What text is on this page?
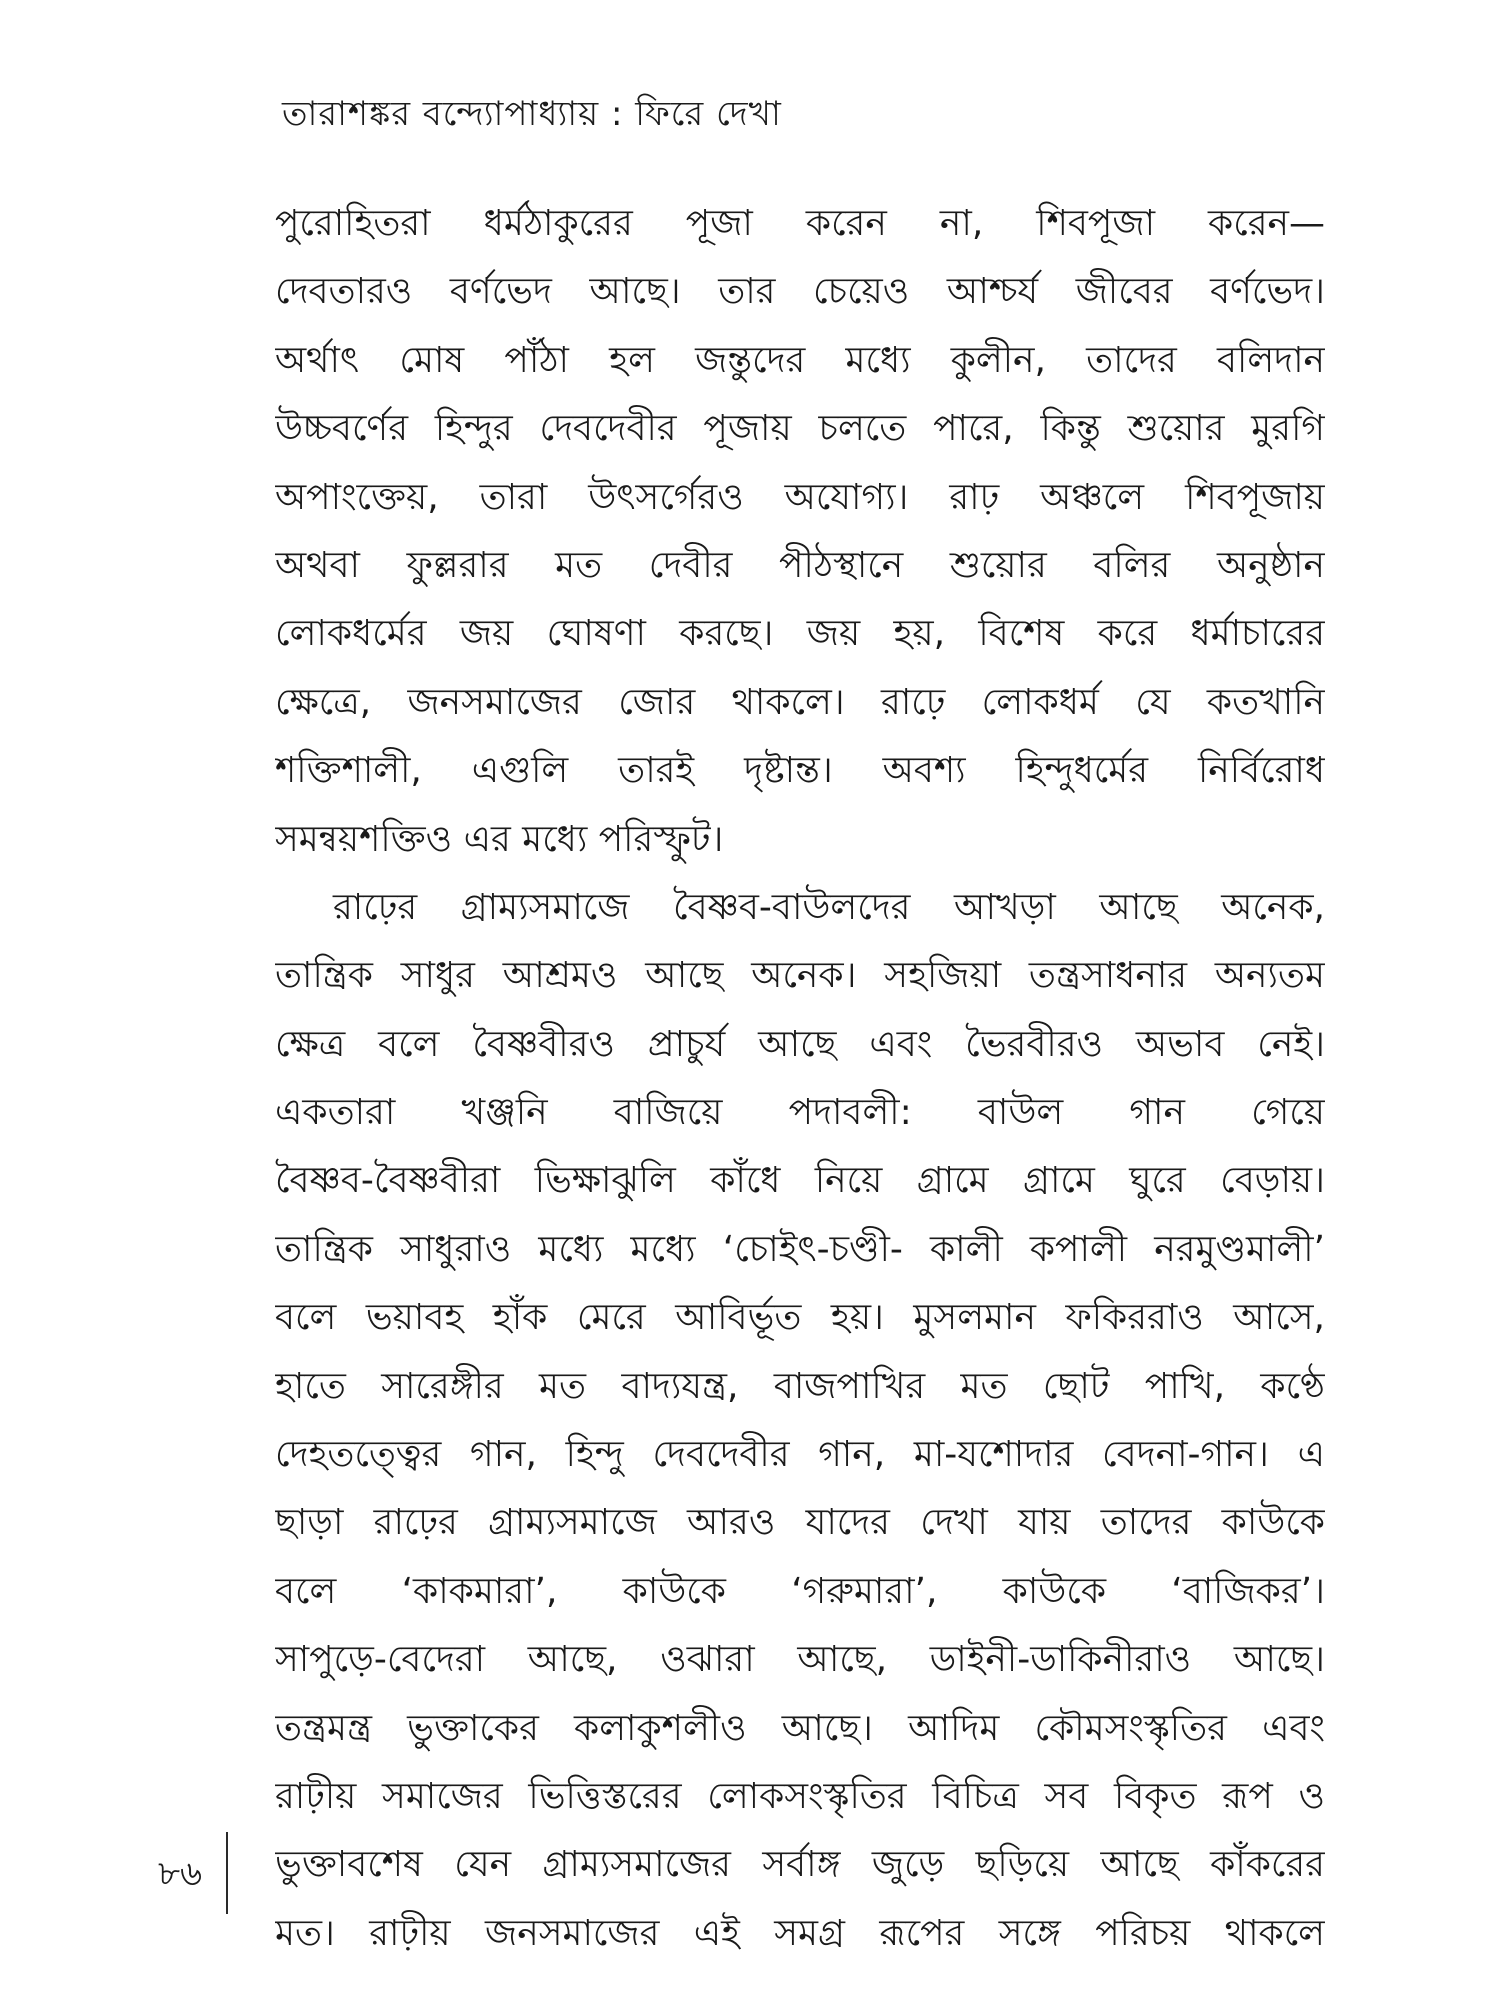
তারাশঙ্কর বন্দ্যোপাধ্যায় : ফিরে দেখা
পুরোহিতরা ধর্মঠাকুরের পূজা করেন না, শিবপূজা করেন—
দেবতারও বর্ণভেদ আছে। তার চেয়েও আশ্চর্য জীবের বর্ণভেদ।
অর্থাৎ মোষ পাঁঠা হল জন্তুদের মধ্যে কুলীন, তাদের বলিদান
উচ্চবর্ণের হিন্দুর দেবদেবীর পূজায় চলতে পারে, কিন্তু শুয়োর মুরগি
অপাংক্তেয়, তারা উৎসর্গেরও অযোগ্য। রাঢ় অঞ্চলে শিবপূজায়
অথবা ফুল্লরার মত দেবীর পীঠস্থানে শুয়োর বলির অনুষ্ঠান
লোকধর্মের জয় ঘোষণা করছে। জয় হয়, বিশেষ করে ধর্মাচারের
ক্ষেত্রে, জনসমাজের জোর থাকলে। রাঢ়ে লোকধর্ম যে কতখানি
শক্তিশালী, এগুলি তারই দৃষ্টান্ত। অবশ্য হিন্দুধর্মের নির্বিরোধ
সমন্বয়শক্তিও এর মধ্যে পরিস্ফুট।
রাঢ়ের গ্রাম্যসমাজে বৈষ্ণব-বাউলদের আখড়া আছে অনেক,
তান্ত্রিক সাধুর আশ্রমও আছে অনেক। সহজিয়া তন্ত্রসাধনার অন্যতম
ক্ষেত্র বলে বৈষ্ণবীরও প্রাচুর্য আছে এবং ভৈরবীরও অভাব নেই।
একতারা খঞ্জনি বাজিয়ে পদাবলী: বাউল গান গেয়ে
বৈষ্ণব-বৈষ্ণবীরা ভিক্ষাঝুলি কাঁধে নিয়ে গ্রামে গ্রামে ঘুরে বেড়ায়।
তান্ত্রিক সাধুরাও মধ্যে মধ্যে ‘চোইৎ-চণ্ডী- কালী কপালী নরমুণ্ডমালী’
বলে ভয়াবহ হাঁক মেরে আবির্ভূত হয়। মুসলমান ফকিররাও আসে,
হাতে সারেঙ্গীর মত বাদ্যযন্ত্র, বাজপাখির মত ছোট পাখি, কণ্ঠে
দেহতত্ত্বের গান, হিন্দু দেবদেবীর গান, মা-যশোদার বেদনা-গান। এ
ছাড়া রাঢ়ের গ্রাম্যসমাজে আরও যাদের দেখা যায় তাদের কাউকে
বলে ‘কাকমারা’, কাউকে ‘গরুমারা’, কাউকে ‘বাজিকর’।
সাপুড়ে-বেদেরা আছে, ওঝারা আছে, ডাইনী-ডাকিনীরাও আছে।
তন্ত্রমন্ত্র ভুক্তাকের কলাকুশলীও আছে। আদিম কৌমসংস্কৃতির এবং
রাঢ়ীয় সমাজের ভিত্তিস্তরের লোকসংস্কৃতির বিচিত্র সব বিকৃত রূপ ও
ভুক্তাবশেষ যেন গ্রাম্যসমাজের সর্বাঙ্গ জুড়ে ছড়িয়ে আছে কাঁকরের
মত। রাঢ়ীয় জনসমাজের এই সমগ্র রূপের সঙ্গে পরিচয় থাকলে
৮৬
